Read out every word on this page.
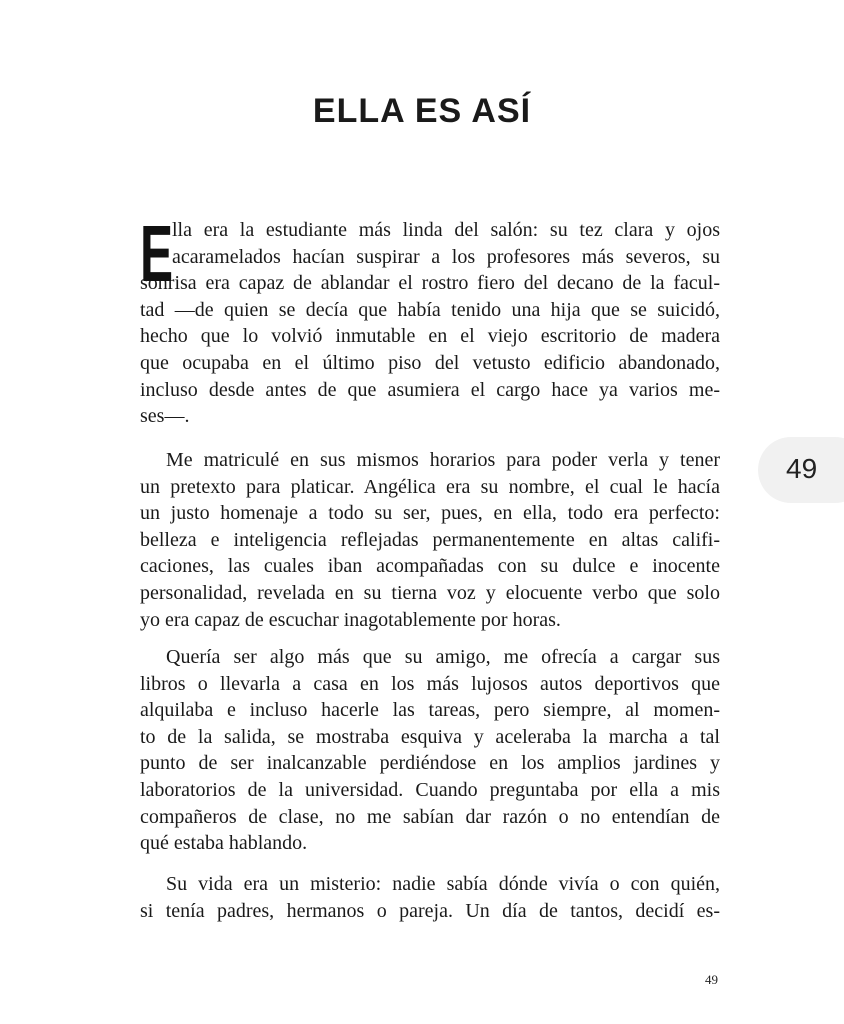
ELLA ES ASÍ
E
lla era la estudiante más linda del salón: su tez clara y ojos
acaramelados hacían suspirar a los profesores más severos, su
sonrisa era capaz de ablandar el rostro fiero del decano de la facul-
tad —de quien se decía que había tenido una hija que se suicidó,
hecho que lo volvió inmutable en el viejo escritorio de madera
que ocupaba en el último piso del vetusto edificio abandonado,
incluso desde antes de que asumiera el cargo hace ya varios me-
ses—.
Me matriculé en sus mismos horarios para poder verla y tener
un pretexto para platicar. Angélica era su nombre, el cual le hacía
un justo homenaje a todo su ser, pues, en ella, todo era perfecto:
belleza e inteligencia reflejadas permanentemente en altas califi-
caciones, las cuales iban acompañadas con su dulce e inocente
personalidad, revelada en su tierna voz y elocuente verbo que solo
yo era capaz de escuchar inagotablemente por horas.
Quería ser algo más que su amigo, me ofrecía a cargar sus
libros o llevarla a casa en los más lujosos autos deportivos que
alquilaba e incluso hacerle las tareas, pero siempre, al momen-
to de la salida, se mostraba esquiva y aceleraba la marcha a tal
punto de ser inalcanzable perdiéndose en los amplios jardines y
laboratorios de la universidad. Cuando preguntaba por ella a mis
compañeros de clase, no me sabían dar razón o no entendían de
qué estaba hablando.
Su vida era un misterio: nadie sabía dónde vivía o con quién,
si tenía padres, hermanos o pareja. Un día de tantos, decidí es-
49
49
